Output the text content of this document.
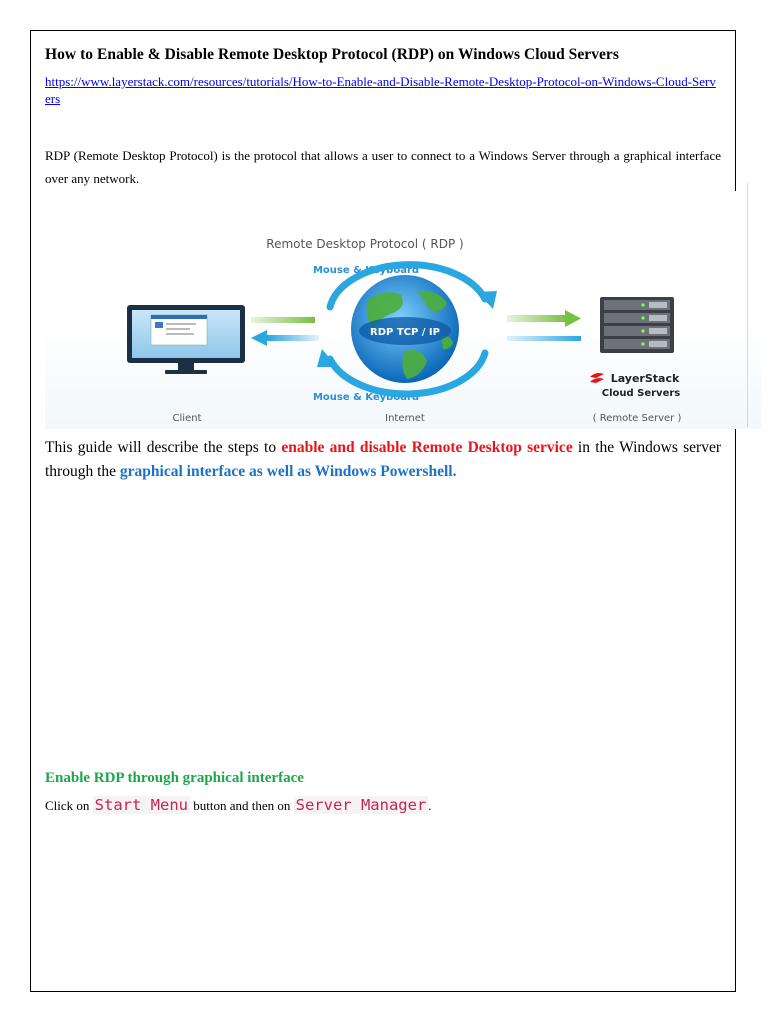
How to Enable & Disable Remote Desktop Protocol (RDP) on Windows Cloud Servers
https://www.layerstack.com/resources/tutorials/How-to-Enable-and-Disable-Remote-Desktop-Protocol-on-Windows-Cloud-Servers
RDP (Remote Desktop Protocol) is the protocol that allows a user to connect to a Windows Server through a graphical interface over any network.
Remote Desktop Protocol ( RDP )
Mouse & Keyboard
Mouse & Keyboard
RDP TCP / IP
LayerStack
Cloud Servers
Client	Internet	( Remote Server )
This guide will describe the steps to enable and disable Remote Desktop service in the Windows server through the graphical interface as well as Windows Powershell.
Enable RDP through graphical interface
Click on Start Menu button and then on Server Manager .
